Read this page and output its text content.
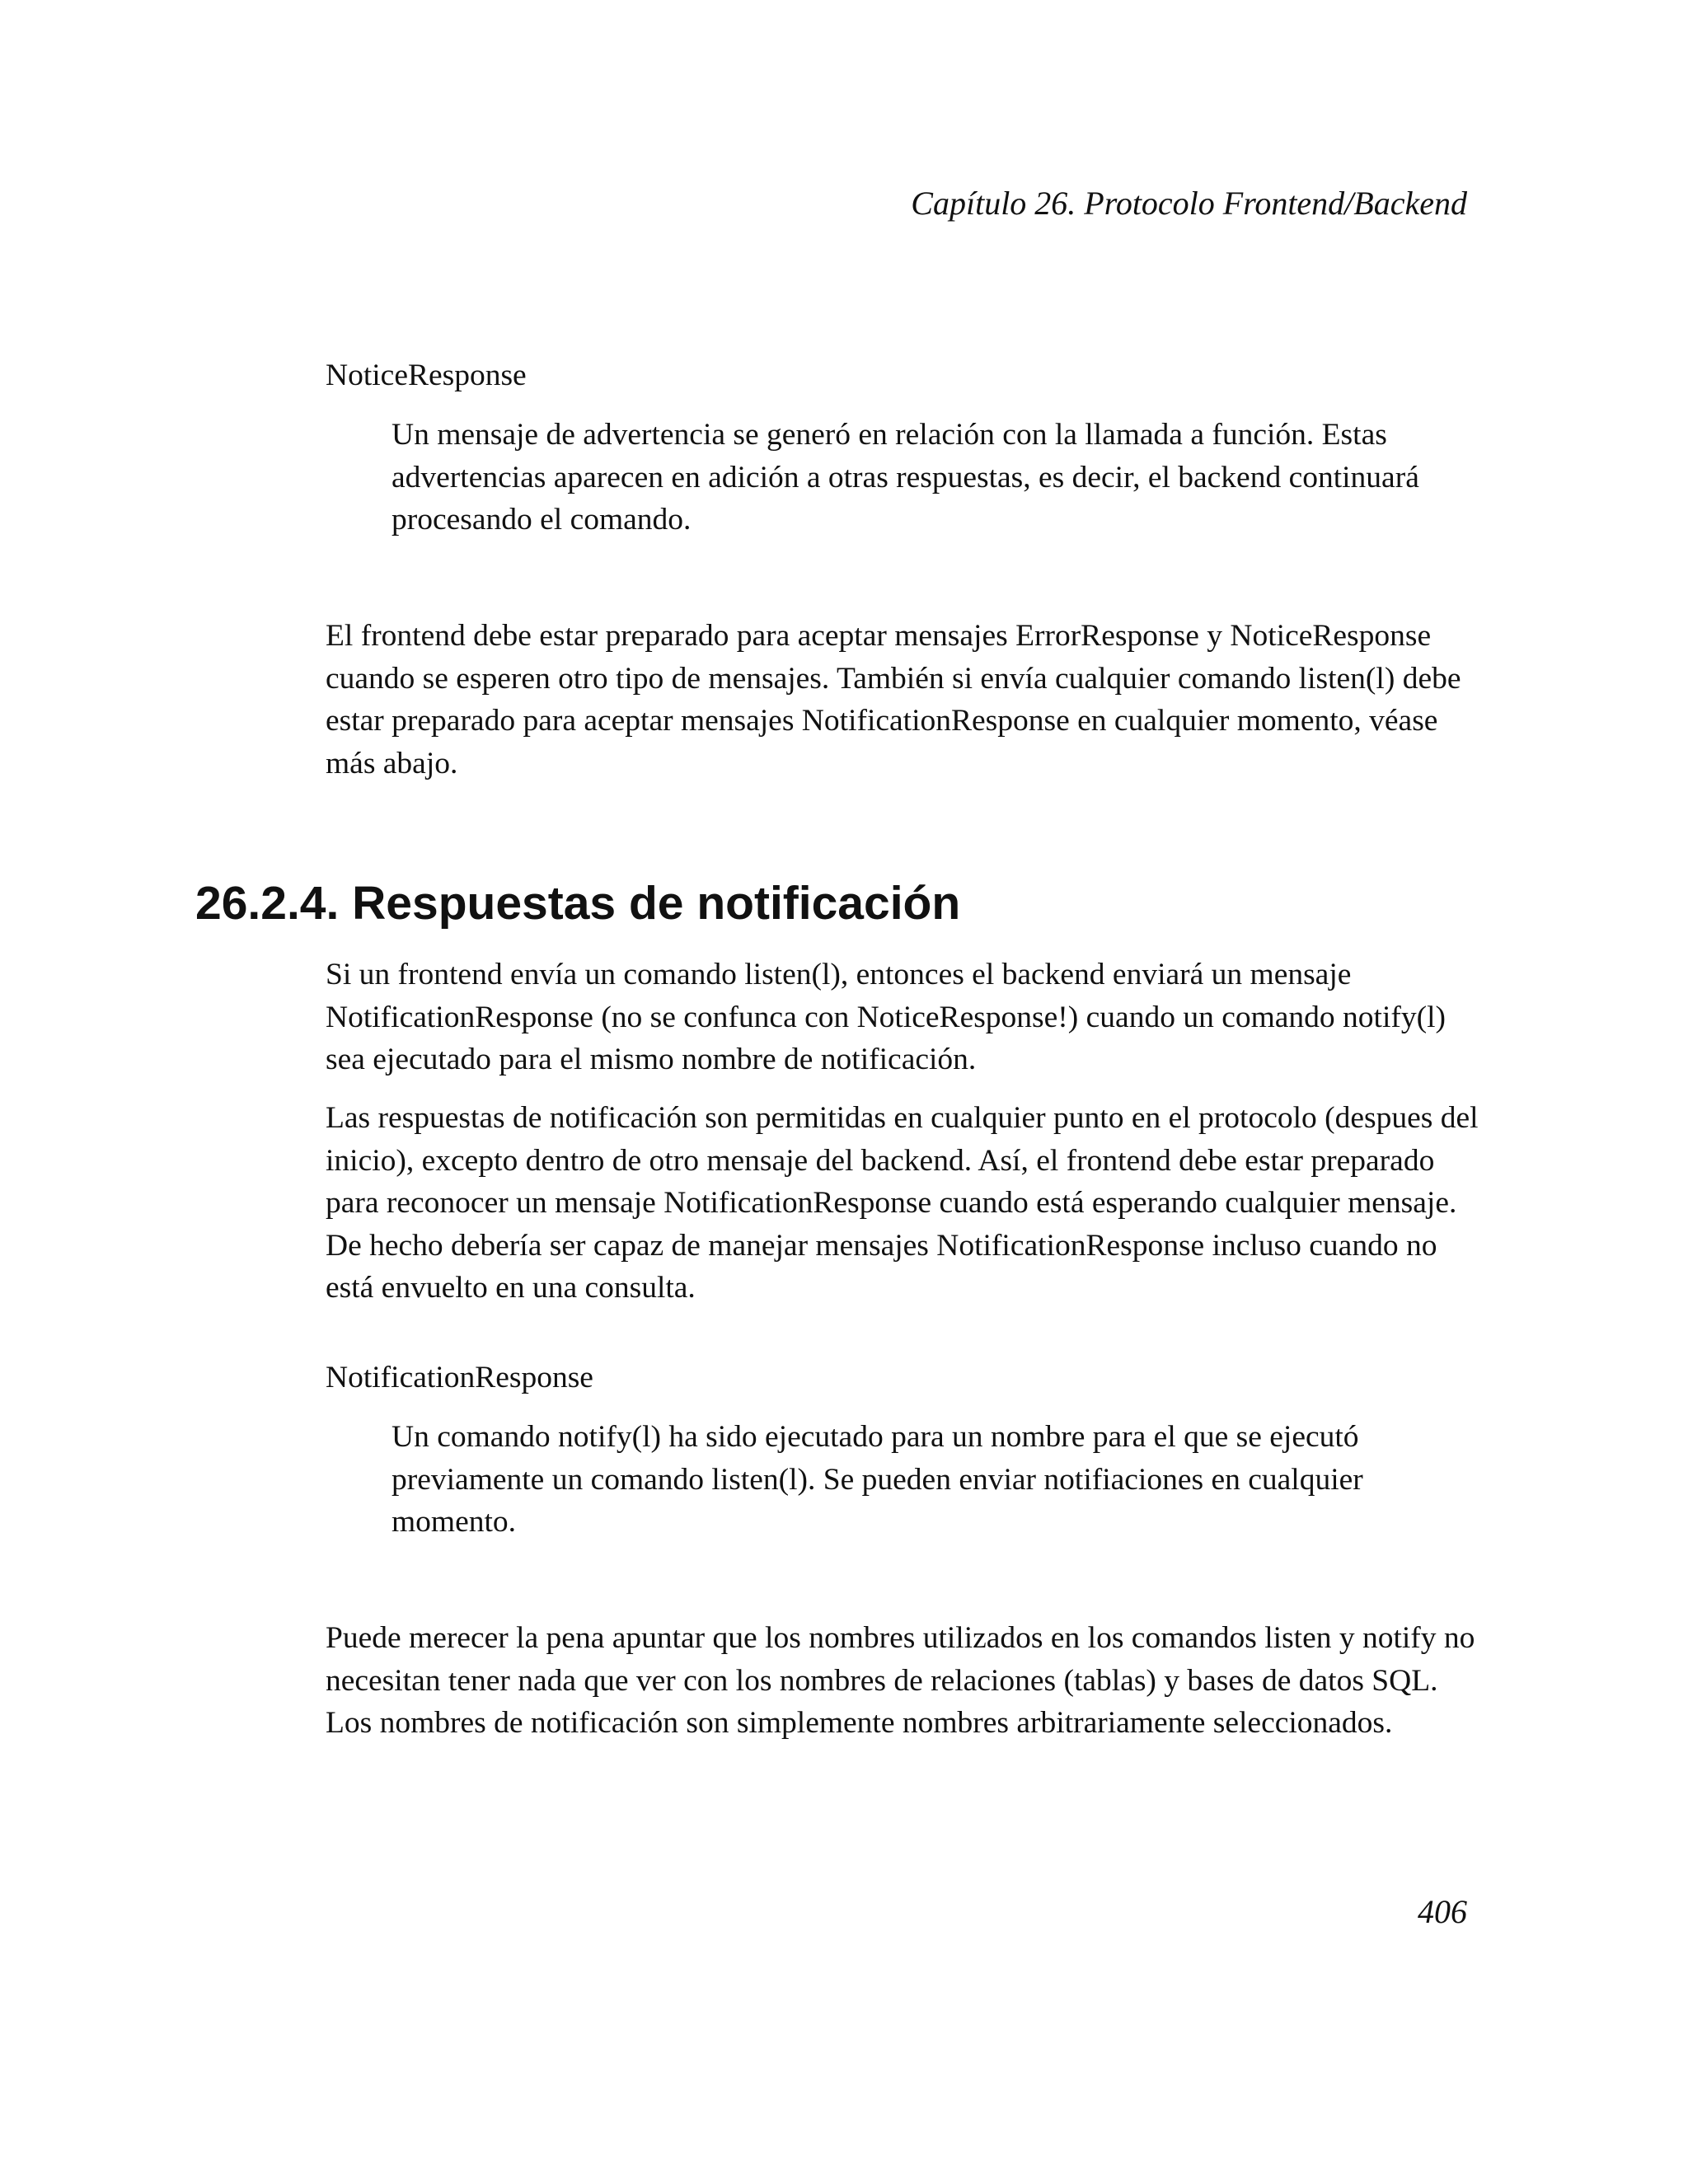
Capítulo 26. Protocolo Frontend/Backend

NoticeResponse

Un mensaje de advertencia se generó en relación con la llamada a función. Estas advertencias aparecen en adición a otras respuestas, es decir, el backend continuará procesando el comando.

El frontend debe estar preparado para aceptar mensajes ErrorResponse y NoticeResponse cuando se esperen otro tipo de mensajes. También si envía cualquier comando listen(l) debe estar preparado para aceptar mensajes NotificationResponse en cualquier momento, véase más abajo.

26.2.4. Respuestas de notificación

Si un frontend envía un comando listen(l), entonces el backend enviará un mensaje NotificationResponse (no se confunca con NoticeResponse!) cuando un comando notify(l) sea ejecutado para el mismo nombre de notificación.

Las respuestas de notificación son permitidas en cualquier punto en el protocolo (despues del inicio), excepto dentro de otro mensaje del backend. Así, el frontend debe estar preparado para reconocer un mensaje NotificationResponse cuando está esperando cualquier mensaje. De hecho debería ser capaz de manejar mensajes NotificationResponse incluso cuando no está envuelto en una consulta.

NotificationResponse

Un comando notify(l) ha sido ejecutado para un nombre para el que se ejecutó previamente un comando listen(l). Se pueden enviar notifiaciones en cualquier momento.

Puede merecer la pena apuntar que los nombres utilizados en los comandos listen y notify no necesitan tener nada que ver con los nombres de relaciones (tablas) y bases de datos SQL. Los nombres de notificación son simplemente nombres arbitrariamente seleccionados.

406
